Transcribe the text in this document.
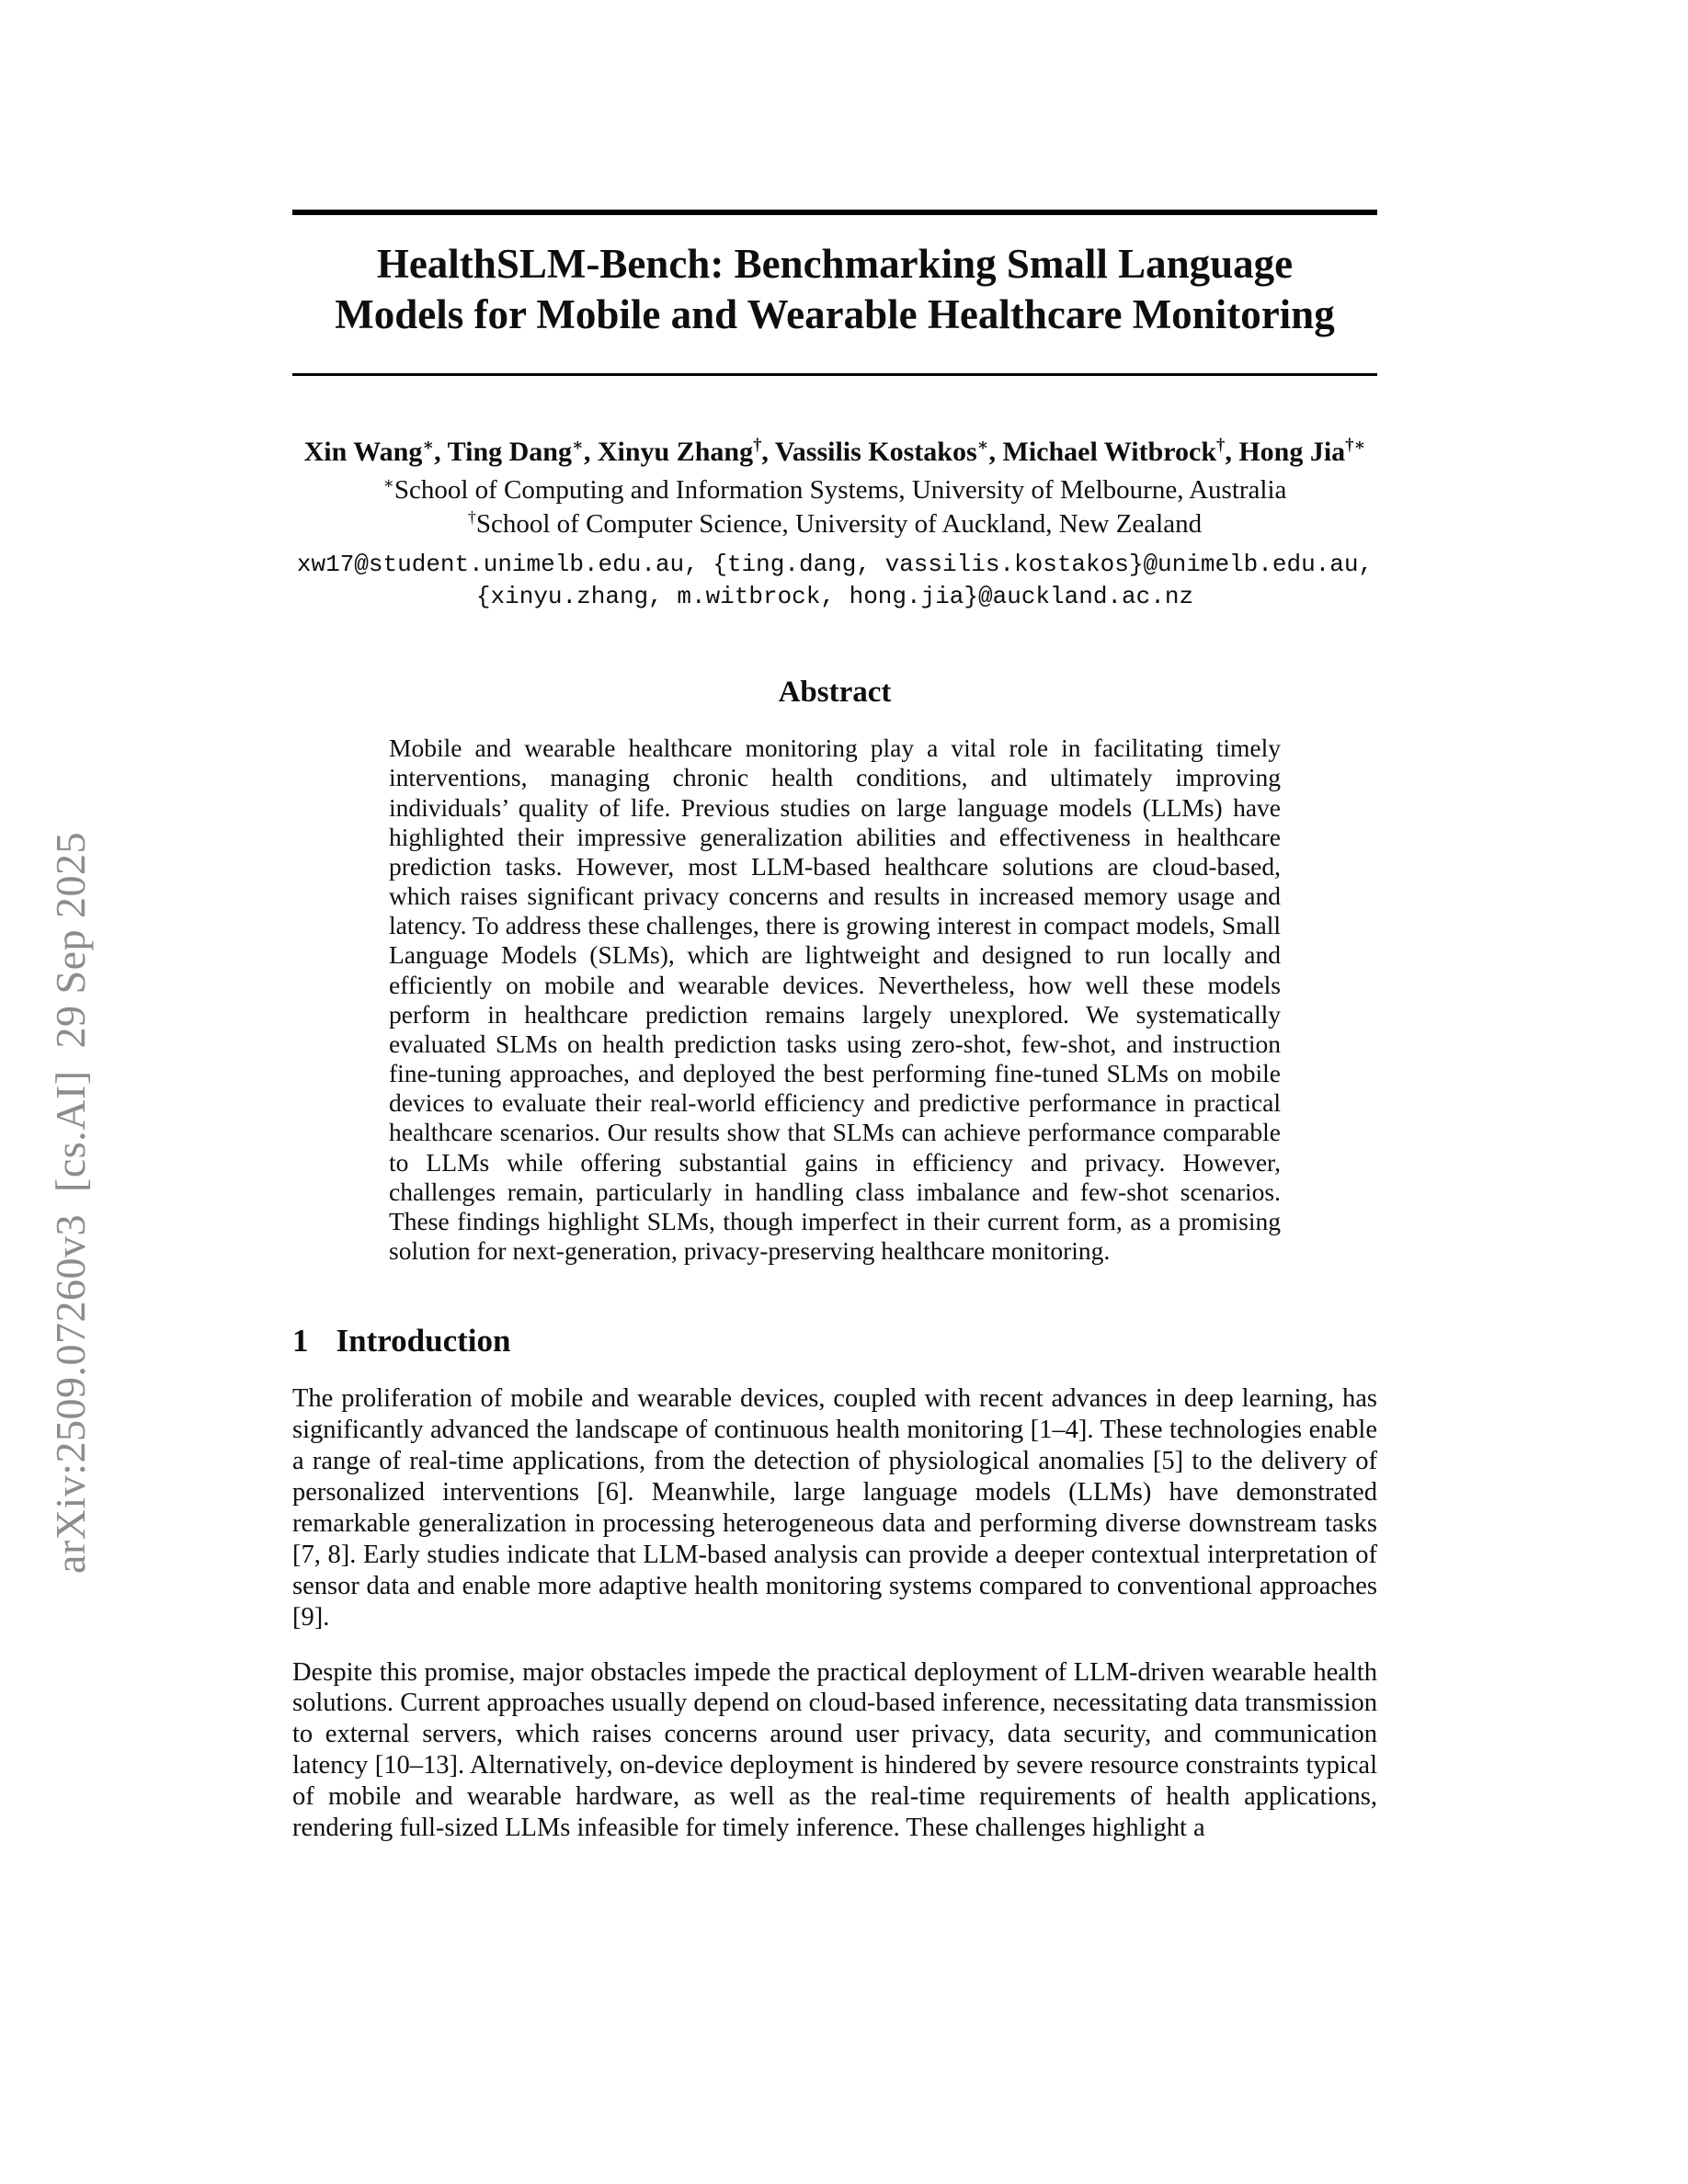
arXiv:2509.07260v3  [cs.AI]  29 Sep 2025
HealthSLM-Bench: Benchmarking Small Language Models for Mobile and Wearable Healthcare Monitoring
Xin Wang∗, Ting Dang∗, Xinyu Zhang†, Vassilis Kostakos∗, Michael Witbrock†, Hong Jia†∗
∗School of Computing and Information Systems, University of Melbourne, Australia
†School of Computer Science, University of Auckland, New Zealand
xw17@student.unimelb.edu.au, {ting.dang, vassilis.kostakos}@unimelb.edu.au,
{xinyu.zhang, m.witbrock, hong.jia}@auckland.ac.nz
Abstract

Mobile and wearable healthcare monitoring play a vital role in facilitating timely interventions, managing chronic health conditions, and ultimately improving individuals’ quality of life. Previous studies on large language models (LLMs) have highlighted their impressive generalization abilities and effectiveness in healthcare prediction tasks. However, most LLM-based healthcare solutions are cloud-based, which raises significant privacy concerns and results in increased memory usage and latency. To address these challenges, there is growing interest in compact models, Small Language Models (SLMs), which are lightweight and designed to run locally and efficiently on mobile and wearable devices. Nevertheless, how well these models perform in healthcare prediction remains largely unexplored. We systematically evaluated SLMs on health prediction tasks using zero-shot, few-shot, and instruction fine-tuning approaches, and deployed the best performing fine-tuned SLMs on mobile devices to evaluate their real-world efficiency and predictive performance in practical healthcare scenarios. Our results show that SLMs can achieve performance comparable to LLMs while offering substantial gains in efficiency and privacy. However, challenges remain, particularly in handling class imbalance and few-shot scenarios. These findings highlight SLMs, though imperfect in their current form, as a promising solution for next-generation, privacy-preserving healthcare monitoring.

1 Introduction

The proliferation of mobile and wearable devices, coupled with recent advances in deep learning, has significantly advanced the landscape of continuous health monitoring [1–4]. These technologies enable a range of real-time applications, from the detection of physiological anomalies [5] to the delivery of personalized interventions [6]. Meanwhile, large language models (LLMs) have demonstrated remarkable generalization in processing heterogeneous data and performing diverse downstream tasks [7, 8]. Early studies indicate that LLM-based analysis can provide a deeper contextual interpretation of sensor data and enable more adaptive health monitoring systems compared to conventional approaches [9].

Despite this promise, major obstacles impede the practical deployment of LLM-driven wearable health solutions. Current approaches usually depend on cloud-based inference, necessitating data transmission to external servers, which raises concerns around user privacy, data security, and communication latency [10–13]. Alternatively, on-device deployment is hindered by severe resource constraints typical of mobile and wearable hardware, as well as the real-time requirements of health applications, rendering full-sized LLMs infeasible for timely inference. These challenges highlight a
